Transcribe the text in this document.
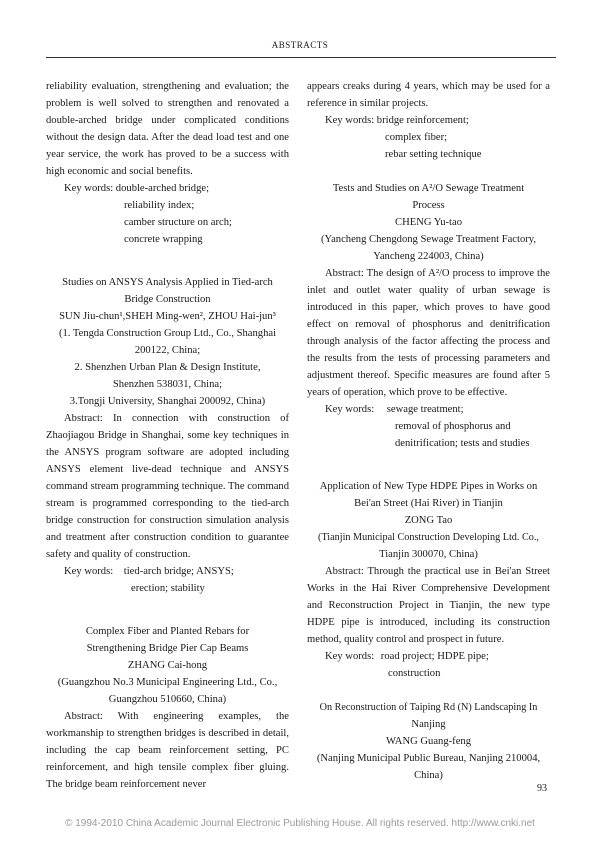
ABSTRACTS

reliability evaluation, strengthening and evaluation; the problem is well solved to strengthen and renovated a double-arched bridge under complicated conditions without the design data. After the dead load test and one year service, the work has proved to be a success with high economic and social benefits.

Key words: double-arched bridge;

reliability index;

camber structure on arch;

concrete wrapping

Studies on ANSYS Analysis Applied in Tied-arch

Bridge Construction

SUN Jiu-chun¹,SHEH Ming-wen², ZHOU Hai-jun³

(1. Tengda Construction Group Ltd., Co., Shanghai

200122, China;

2. Shenzhen Urban Plan & Design Institute,

Shenzhen 538031, China;

3.Tongji University, Shanghai 200092, China)

Abstract: In connection with construction of Zhaojiagou Bridge in Shanghai, some key techniques in the ANSYS program software are adopted including ANSYS element live-dead technique and ANSYS command stream programming technique. The command stream is programmed corresponding to the tied-arch bridge construction for construction simulation analysis and treatment after construction condition to guarantee safety and quality of construction.

Key words: tied-arch bridge; ANSYS;

erection; stability

Complex Fiber and Planted Rebars for

Strengthening Bridge Pier Cap Beams

ZHANG Cai-hong

(Guangzhou No.3 Municipal Engineering Ltd., Co.,

Guangzhou 510660, China)

Abstract: With engineering examples, the workmanship to strengthen bridges is described in detail, including the cap beam reinforcement setting, PC reinforcement, and high tensile complex fiber gluing. The bridge beam reinforcement never

appears creaks during 4 years, which may be used for a reference in similar projects.

Key words: bridge reinforcement;

complex fiber;

rebar setting technique

Tests and Studies on A²/O Sewage Treatment

Process

CHENG Yu-tao

(Yancheng Chengdong Sewage Treatment Factory,

Yancheng 224003, China)

Abstract: The design of A²/O process to improve the inlet and outlet water quality of urban sewage is introduced in this paper, which proves to have good effect on removal of phosphorus and denitrification through analysis of the factor affecting the process and the results from the tests of processing parameters and adjustment thereof. Specific measures are found after 5 years of operation, which prove to be effective.

Key words: sewage treatment;

removal of phosphorus and

denitrification; tests and studies

Application of New Type HDPE Pipes in Works on

Bei'an Street (Hai River) in Tianjin

ZONG Tao

(Tianjin Municipal Construction Developing Ltd. Co.,

Tianjin 300070, China)

Abstract: Through the practical use in Bei'an Street Works in the Hai River Comprehensive Development and Reconstruction Project in Tianjin, the new type HDPE pipe is introduced, including its construction method, quality control and prospect in future.

Key words: road project; HDPE pipe;

construction

On Reconstruction of Taiping Rd (N) Landscaping In

Nanjing

WANG Guang-feng

(Nanjing Municipal Public Bureau, Nanjing 210004,

China)

93
© 1994-2010 China Academic Journal Electronic Publishing House. All rights reserved. http://www.cnki.net
